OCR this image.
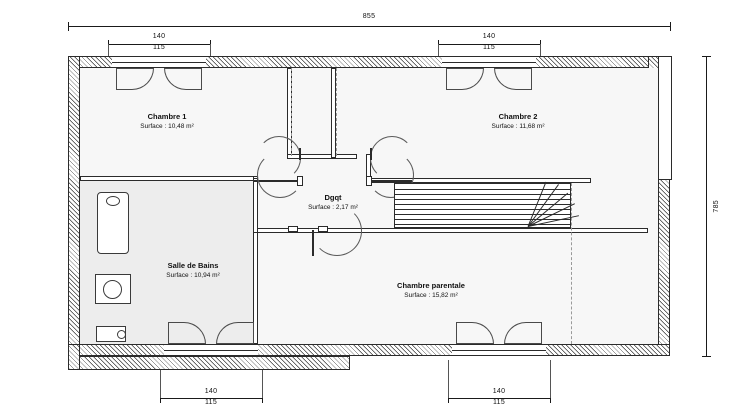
855
140
115
140
115
785
140
115
140
115
Chambre 1
Surface : 10,48 m²
Chambre 2
Surface : 11,68 m²
Dgqt
Surface : 2,17 m²
Salle de Bains
Surface : 10,94 m²
Chambre parentale
Surface : 15,82 m²
